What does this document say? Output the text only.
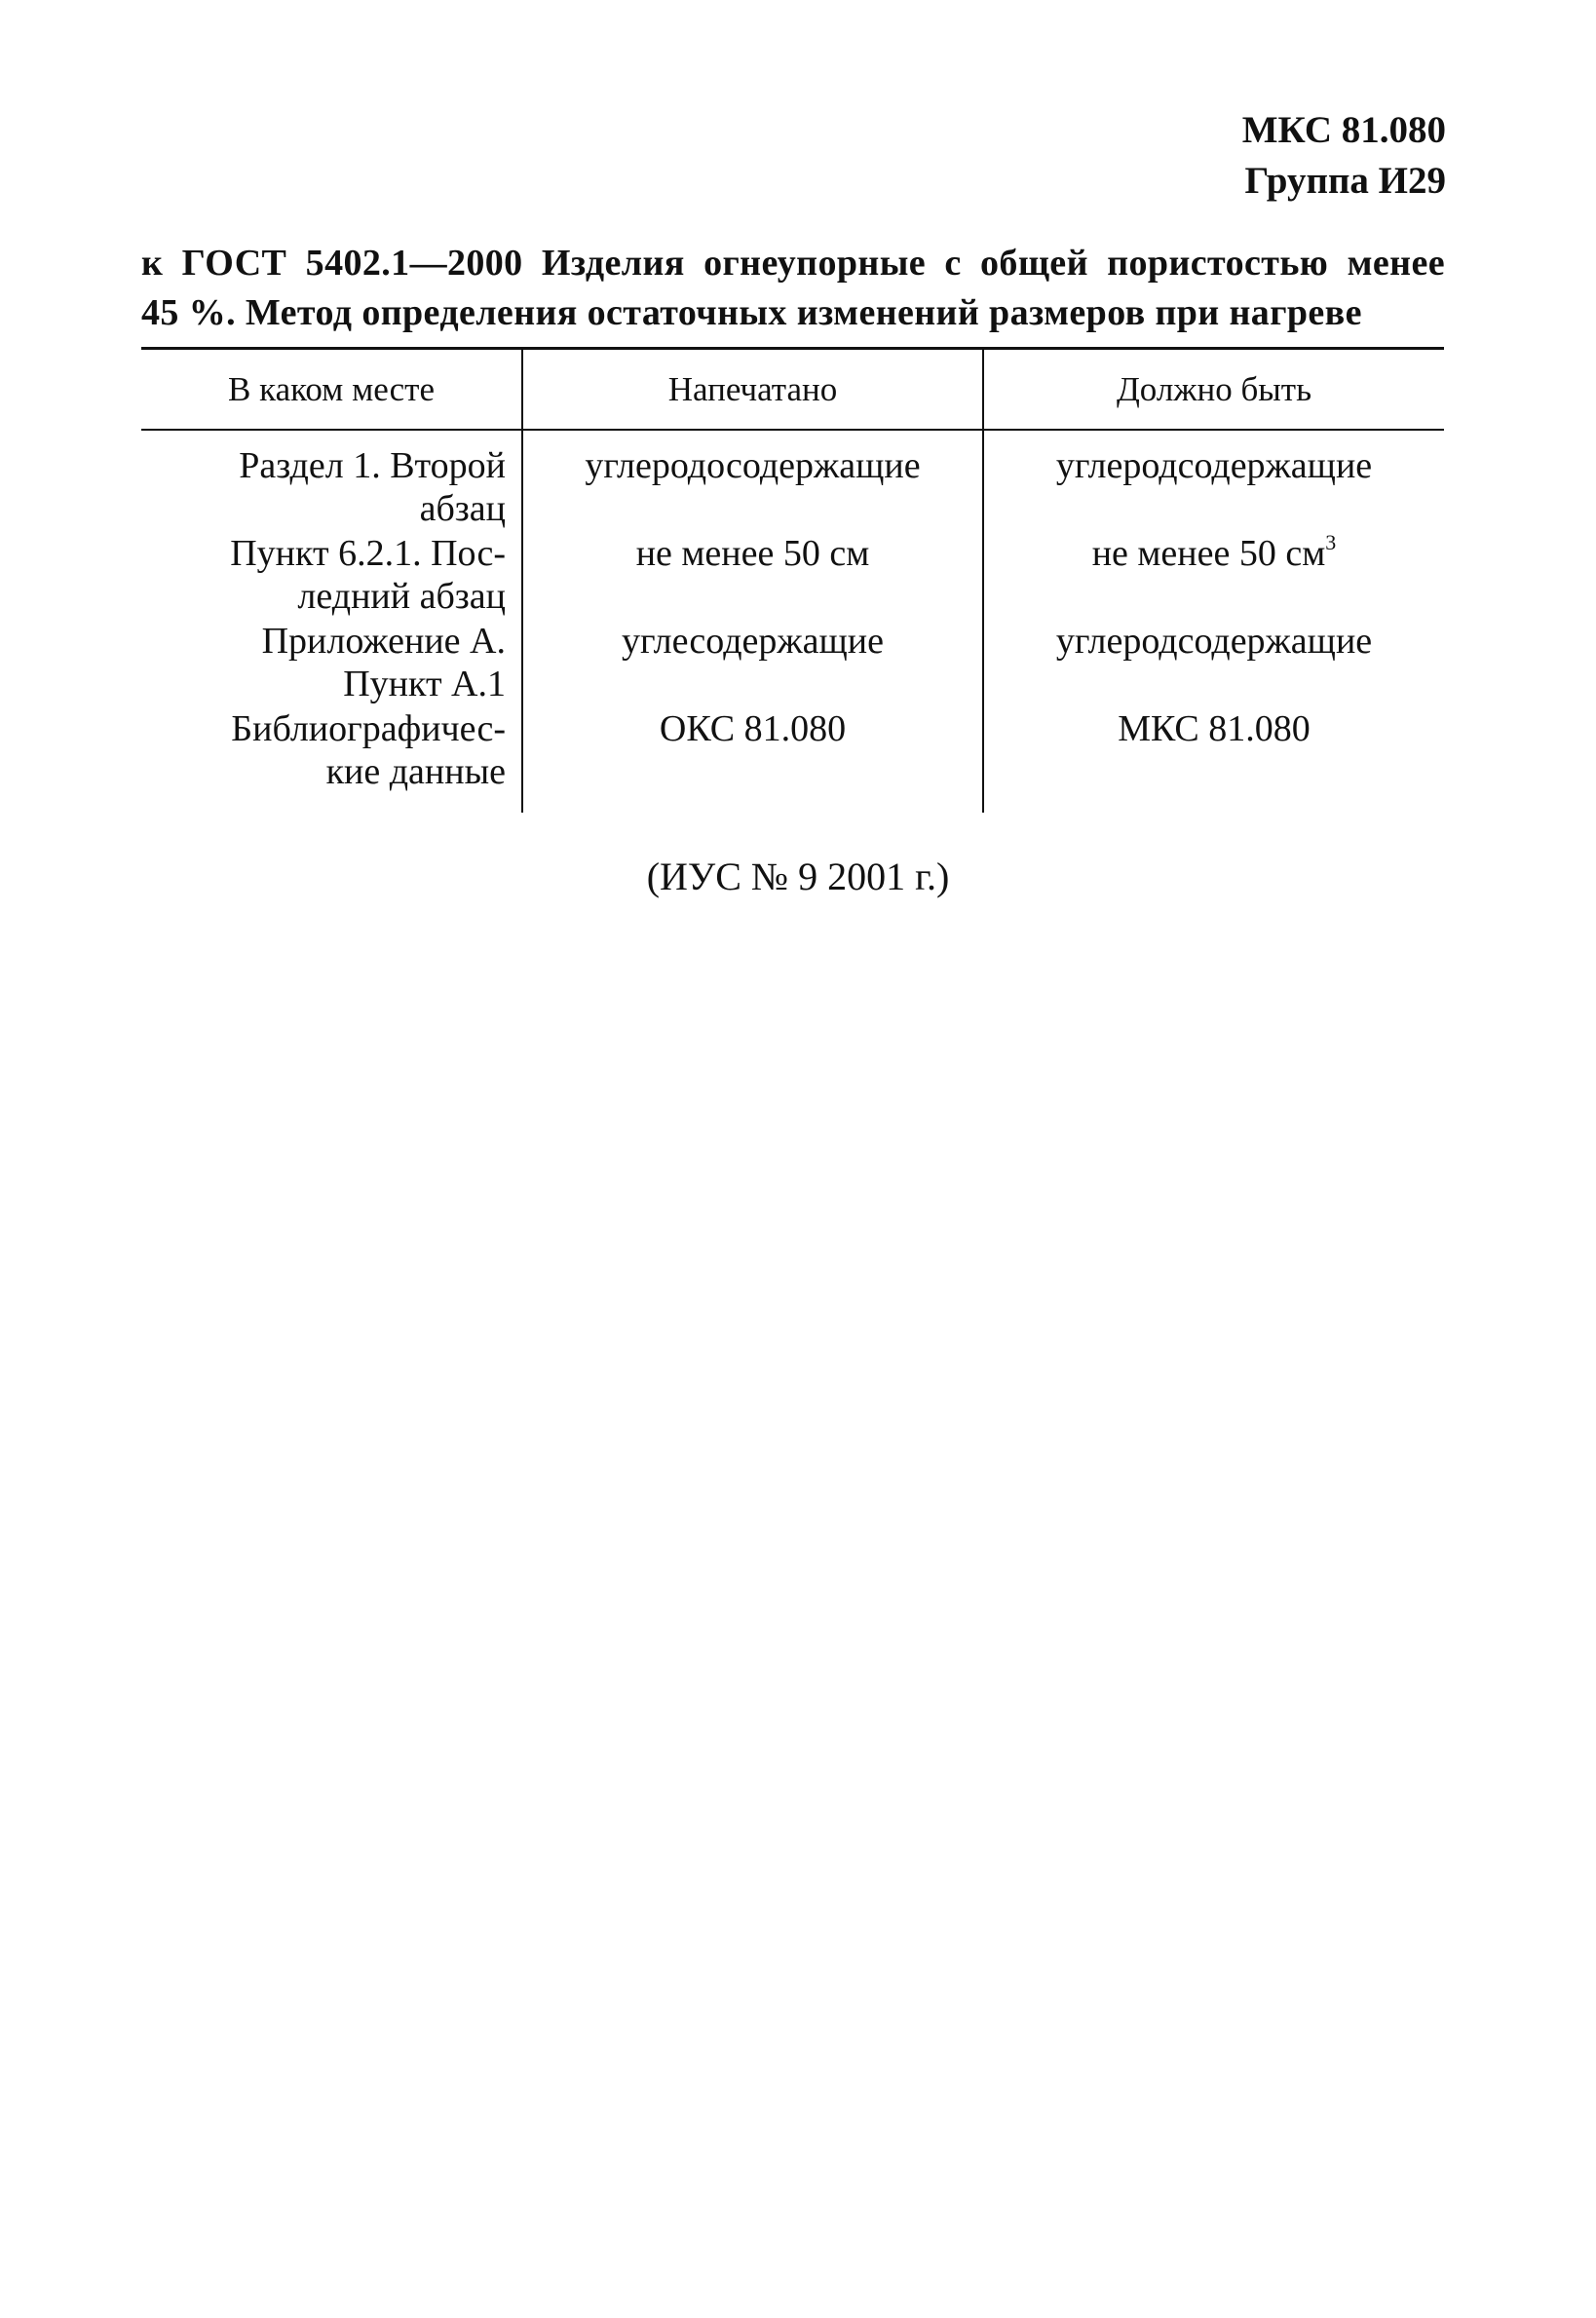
МКС 81.080
Группа И29
к ГОСТ 5402.1—2000 Изделия огнеупорные с общей пористостью менее
45 %. Метод определения остаточных изменений размеров при нагреве
В каком месте	Напечатано	Должно быть

Раздел 1. Второй
абзац	углеродосодержащие	углеродсодержащие

Пункт 6.2.1. Пос-
ледний абзац	не менее 50 см	не менее 50 $см^3$

Приложение А.
Пункт А.1	углесодержащие	углеродсодержащие

Библиографичес-
кие данные	ОКС 81.080	МКС 81.080
(ИУС № 9 2001 г.)
